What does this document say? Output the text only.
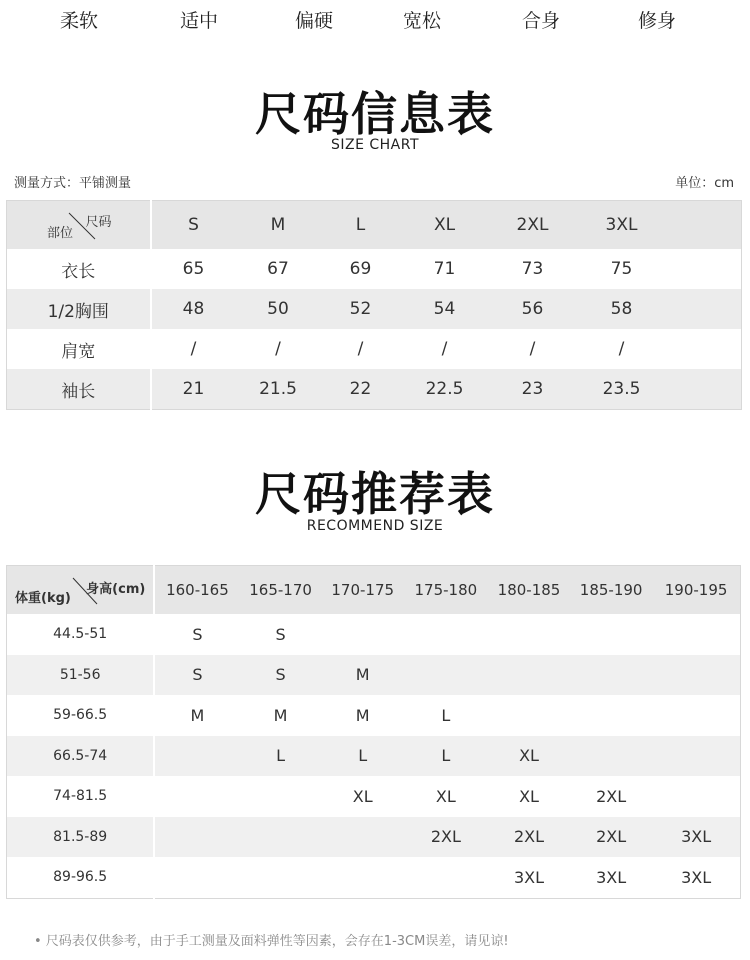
柔软	适中	偏硬	宽松	合身	修身
尺码信息表
SIZE CHART
测量方式：平铺测量	单位：cm
尺码
部位	S	M	L	XL	2XL	3XL	
衣长	65	67	69	71	73	75	
1/2胸围	48	50	52	54	56	58	
肩宽	/	/	/	/	/	/	
袖长	21	21.5	22	22.5	23	23.5	
尺码推荐表
RECOMMEND SIZE
身高(cm)
体重(kg)	160-165	165-170	170-175	175-180	180-185	185-190	190-195
44.5-51	S	S					
51-56	S	S	M				
59-66.5	M	M	M	L			
66.5-74		L	L	L	XL		
74-81.5			XL	XL	XL	2XL	
81.5-89				2XL	2XL	2XL	3XL
89-96.5					3XL	3XL	3XL
• 尺码表仅供参考，由于手工测量及面料弹性等因素，会存在1-3CM误差，请见谅!
